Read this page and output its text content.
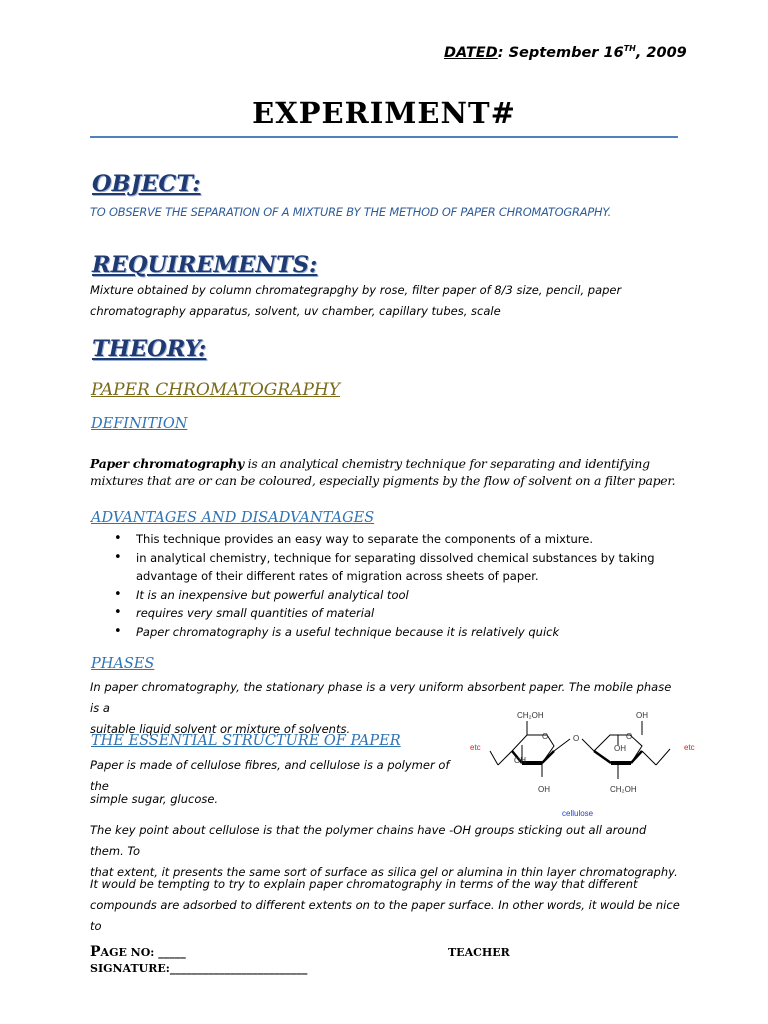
DATED: September 16TH, 2009
EXPERIMENT#
OBJECT:
TO OBSERVE THE SEPARATION OF A MIXTURE BY THE METHOD OF PAPER CHROMATOGRAPHY.
REQUIREMENTS:
Mixture obtained by column chromategrapghy by rose, filter paper of 8/3 size, pencil, paper
chromatography apparatus, solvent, uv chamber, capillary tubes, scale
THEORY:
PAPER CHROMATOGRAPHY
DEFINITION
Paper chromatography is an analytical chemistry technique for separating and identifying
mixtures that are or can be coloured, especially pigments by the flow of solvent on a filter paper.
ADVANTAGES AND DISADVANTAGES
• This technique provides an easy way to separate the components of a mixture.
• in analytical chemistry, technique for separating dissolved chemical substances by taking
advantage of their different rates of migration across sheets of paper.
• It is an inexpensive but powerful analytical tool
• requires very small quantities of material
• Paper chromatography is a useful technique because it is relatively quick
PHASES
In paper chromatography, the stationary phase is a very uniform absorbent paper. The mobile phase is a
suitable liquid solvent or mixture of solvents.
THE ESSENTIAL STRUCTURE OF PAPER
Paper is made of cellulose fibres, and cellulose is a polymer of the
simple sugar, glucose.
The key point about cellulose is that the polymer chains have -OH groups sticking out all around them. To
that extent, it presents the same sort of surface as silica gel or alumina in thin layer chromatography.
It would be tempting to try to explain paper chromatography in terms of the way that different
compounds are adsorbed to different extents on to the paper surface. In other words, it would be nice to
CH₂OH	OH
OH
OH
OH	CH₂OH
O
O	O
etc	etc
cellulose
PAGE NO: _____	TEACHER
SIGNATURE:_________________________
